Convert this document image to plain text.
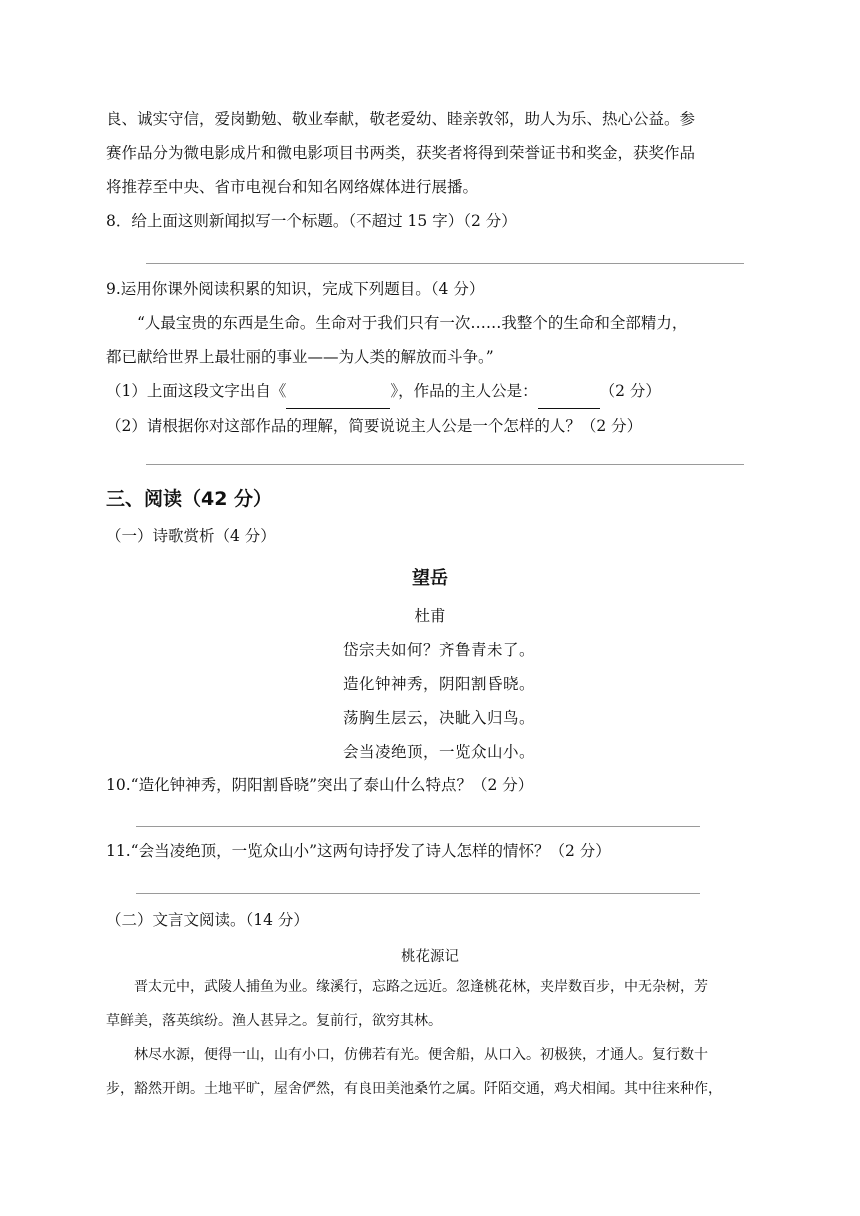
良、诚实守信，爱岗勤勉、敬业奉献，敬老爱幼、睦亲敦邻，助人为乐、热心公益。参

赛作品分为微电影成片和微电影项目书两类，获奖者将得到荣誉证书和奖金，获奖作品

将推荐至中央、省市电视台和知名网络媒体进行展播。

8．给上面这则新闻拟写一个标题。（不超过 15 字）（2 分）

9.运用你课外阅读积累的知识，完成下列题目。（4 分）

“人最宝贵的东西是生命。生命对于我们只有一次……我整个的生命和全部精力，

都已献给世界上最壮丽的事业——为人类的解放而斗争。”

（1）上面这段文字出自《	》，作品的主人公是：	（2 分）

（2）请根据你对这部作品的理解，简要说说主人公是一个怎样的人？（2 分）

三、阅读（42 分）

（一）诗歌赏析（4 分）

望岳
杜甫
岱宗夫如何？齐鲁青未了。
造化钟神秀，阴阳割昏晓。
荡胸生层云，决眦入归鸟。
会当凌绝顶，一览众山小。

10.“造化钟神秀，阴阳割昏晓”突出了泰山什么特点？（2 分）

11.“会当凌绝顶，一览众山小”这两句诗抒发了诗人怎样的情怀？（2 分）

（二）文言文阅读。（14 分）

桃花源记

晋太元中，武陵人捕鱼为业。缘溪行，忘路之远近。忽逢桃花林，夹岸数百步，中无杂树，芳

草鲜美，落英缤纷。渔人甚异之。复前行，欲穷其林。

林尽水源，便得一山，山有小口，仿佛若有光。便舍船，从口入。初极狭，才通人。复行数十

步，豁然开朗。土地平旷，屋舍俨然，有良田美池桑竹之属。阡陌交通，鸡犬相闻。其中往来种作，
